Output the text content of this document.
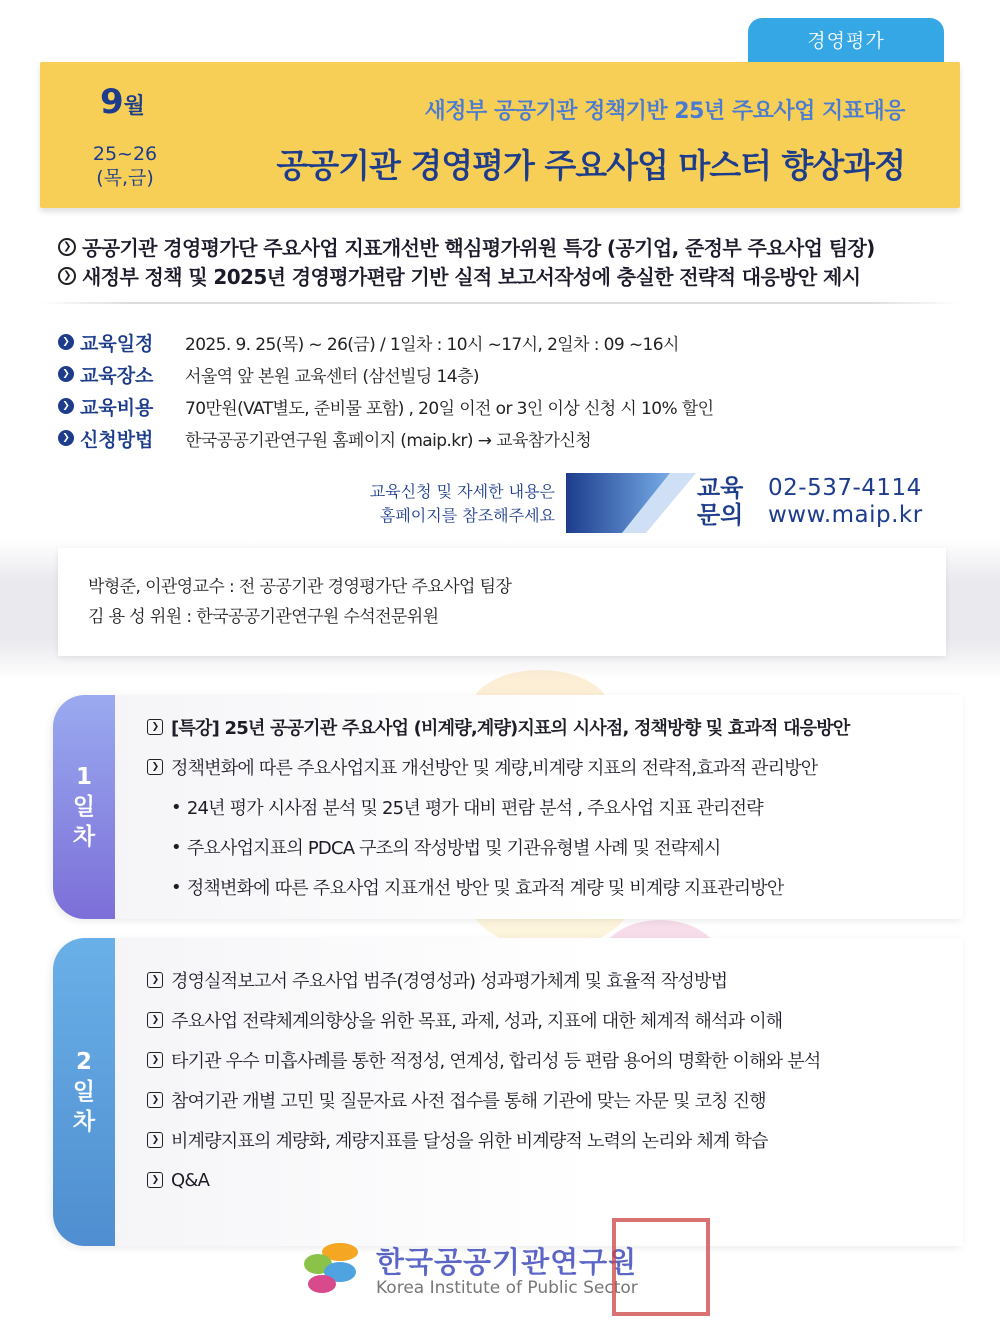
경영평가
9월
25~26
(목,금)
새정부 공공기관 정책기반 25년 주요사업 지표대응
공공기관 경영평가 주요사업 마스터 향상과정
❯ 공공기관 경영평가단 주요사업 지표개선반 핵심평가위원 특강 (공기업, 준정부 주요사업 팀장)
❯ 새정부 정책 및 2025년 경영평가편람 기반 실적 보고서작성에 충실한 전략적 대응방안 제시
❯ 교육일정	2025. 9. 25(목) ~ 26(금) / 1일차 : 10시 ~17시, 2일차 : 09 ~16시
❯ 교육장소	서울역 앞 본원 교육센터 (삼선빌딩 14층)
❯ 교육비용	70만원(VAT별도, 준비물 포함) , 20일 이전 or 3인 이상 신청 시 10% 할인
❯ 신청방법	한국공공기관연구원 홈페이지 (maip.kr) → 교육참가신청
교육신청 및 자세한 내용은
홈페이지를 참조해주세요
교육
문의
02-537-4114
www.maip.kr
박형준, 이관영교수 : 전 공공기관 경영평가단 주요사업 팀장
김 용 성 위원 : 한국공공기관연구원 수석전문위원
1
일
차
❯ [특강] 25년 공공기관 주요사업 (비계량,계량)지표의 시사점, 정책방향 및 효과적 대응방안
❯ 정책변화에 따른 주요사업지표 개선방안 및 계량,비계량 지표의 전략적,효과적 관리방안
• 24년 평가 시사점 분석 및 25년 평가 대비 편람 분석 , 주요사업 지표 관리전략
• 주요사업지표의 PDCA 구조의 작성방법 및 기관유형별 사례 및 전략제시
• 정책변화에 따른 주요사업 지표개선 방안 및 효과적 계량 및 비계량 지표관리방안
2
일
차
❯ 경영실적보고서 주요사업 범주(경영성과) 성과평가체계 및 효율적 작성방법
❯ 주요사업 전략체계의향상을 위한 목표, 과제, 성과, 지표에 대한 체계적 해석과 이해
❯ 타기관 우수 미흡사례를 통한 적정성, 연계성, 합리성 등 편람 용어의 명확한 이해와 분석
❯ 참여기관 개별 고민 및 질문자료 사전 접수를 통해 기관에 맞는 자문 및 코칭 진행
❯ 비계량지표의 계량화, 계량지표를 달성을 위한 비계량적 노력의 논리와 체계 학습
❯ Q&A
한국공공기관연구원
Korea Institute of Public Sector
